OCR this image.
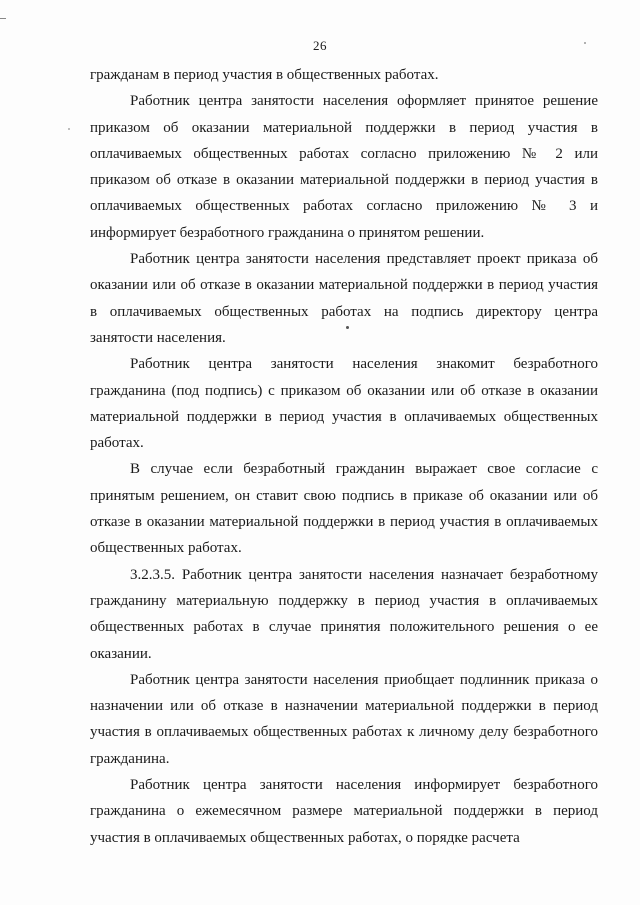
26

гражданам в период участия в общественных работах.

Работник центра занятости населения оформляет принятое решение приказом об оказании материальной поддержки в период участия в оплачиваемых общественных работах согласно приложению № 2 или приказом об отказе в оказании материальной поддержки в период участия в оплачиваемых общественных работах согласно приложению № 3 и информирует безработного гражданина о принятом решении.

Работник центра занятости населения представляет проект приказа об оказании или об отказе в оказании материальной поддержки в период участия в оплачиваемых общественных работах на подпись директору центра занятости населения.

Работник центра занятости населения знакомит безработного гражданина (под подпись) с приказом об оказании или об отказе в оказании материальной поддержки в период участия в оплачиваемых общественных работах.

В случае если безработный гражданин выражает свое согласие с принятым решением, он ставит свою подпись в приказе об оказании или об отказе в оказании материальной поддержки в период участия в оплачиваемых общественных работах.

3.2.3.5. Работник центра занятости населения назначает безработному гражданину материальную поддержку в период участия в оплачиваемых общественных работах в случае принятия положительного решения о ее оказании.

Работник центра занятости населения приобщает подлинник приказа о назначении или об отказе в назначении материальной поддержки в период участия в оплачиваемых общественных работах к личному делу безработного гражданина.

Работник центра занятости населения информирует безработного гражданина о ежемесячном размере материальной поддержки в период участия в оплачиваемых общественных работах, о порядке расчета
